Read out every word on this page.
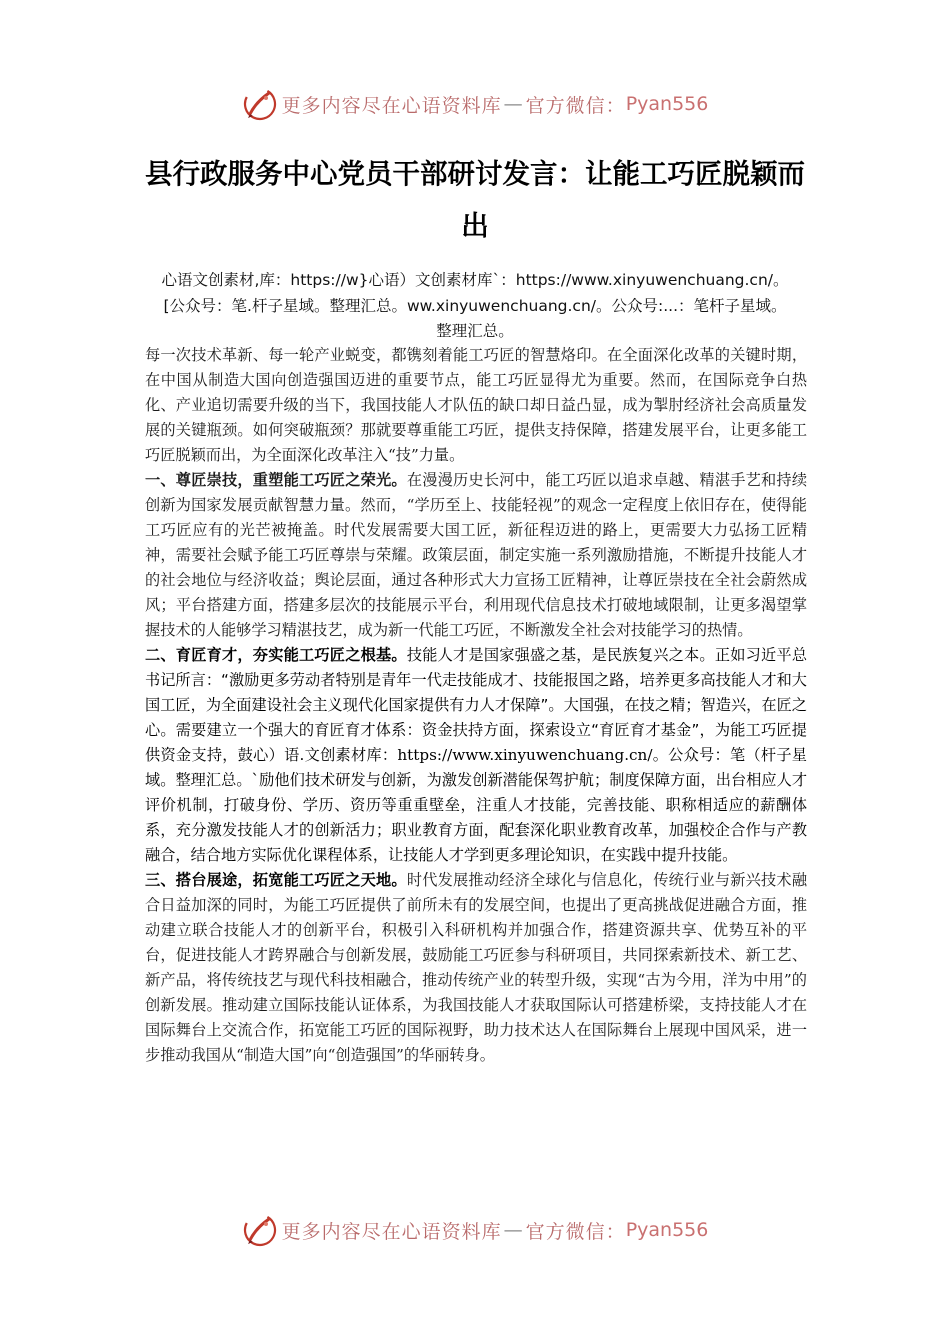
更多内容尽在心语资料库 — 官方微信： Pyan556
县行政服务中心党员干部研讨发言：让能工巧匠脱颖而出
心语文创素材,库：https://w}心语）文创素材库`：https://www.xinyuwenchuang.cn/。[公众号：笔.杆子星域。整理汇总。ww.xinyuwenchuang.cn/。公众号:...：笔杆子星域。整理汇总。

每一次技术革新、每一轮产业蜕变，都镌刻着能工巧匠的智慧烙印。在全面深化改革的关键时期，在中国从制造大国向创造强国迈进的重要节点，能工巧匠显得尤为重要。然而，在国际竞争白热化、产业追切需要升级的当下，我国技能人才队伍的缺口却日益凸显，成为掣肘经济社会高质量发展的关键瓶颈。如何突破瓶颈？那就要尊重能工巧匠，提供支持保障，搭建发展平台，让更多能工巧匠脱颖而出，为全面深化改革注入“技”力量。

一、尊匠崇技，重塑能工巧匠之荣光。在漫漫历史长河中，能工巧匠以追求卓越、精湛手艺和持续创新为国家发展贡献智慧力量。然而，“学历至上、技能轻视”的观念一定程度上依旧存在，使得能工巧匠应有的光芒被掩盖。时代发展需要大国工匠，新征程迈进的路上，更需要大力弘扬工匠精神，需要社会赋予能工巧匠尊崇与荣耀。政策层面，制定实施一系列激励措施，不断提升技能人才的社会地位与经济收益；舆论层面，通过各种形式大力宣扬工匠精神，让尊匠崇技在全社会蔚然成风；平台搭建方面，搭建多层次的技能展示平台，利用现代信息技术打破地域限制，让更多渴望掌握技术的人能够学习精湛技艺，成为新一代能工巧匠，不断激发全社会对技能学习的热情。

二、育匠育才，夯实能工巧匠之根基。技能人才是国家强盛之基，是民族复兴之本。正如习近平总书记所言：“激励更多劳动者特别是青年一代走技能成才、技能报国之路，培养更多高技能人才和大国工匠，为全面建设社会主义现代化国家提供有力人才保障”。大国强，在技之精；智造兴，在匠之心。需要建立一个强大的育匠育才体系：资金扶持方面，探索设立“育匠育才基金”，为能工巧匠提供资金支持，鼓心）语.文创素材库：https://www.xinyuwenchuang.cn/。公众号：笔（杆子星域。整理汇总。`励他们技术研发与创新，为激发创新潜能保驾护航；制度保障方面，出台相应人才评价机制，打破身份、学历、资历等重重壁垒，注重人才技能，完善技能、职称相适应的薪酬体系，充分激发技能人才的创新活力；职业教育方面，配套深化职业教育改革，加强校企合作与产教融合，结合地方实际优化课程体系，让技能人才学到更多理论知识，在实践中提升技能。

三、搭台展途，拓宽能工巧匠之天地。时代发展推动经济全球化与信息化，传统行业与新兴技术融合日益加深的同时，为能工巧匠提供了前所未有的发展空间，也提出了更高挑战促进融合方面，推动建立联合技能人才的创新平台，积极引入科研机构并加强合作，搭建资源共享、优势互补的平台，促进技能人才跨界融合与创新发展，鼓励能工巧匠参与科研项目，共同探索新技术、新工艺、新产品，将传统技艺与现代科技相融合，推动传统产业的转型升级，实现“古为今用，洋为中用”的创新发展。推动建立国际技能认证体系，为我国技能人才获取国际认可搭建桥梁，支持技能人才在国际舞台上交流合作，拓宽能工巧匠的国际视野，助力技术达人在国际舞台上展现中国风采，进一步推动我国从“制造大国”向“创造强国”的华丽转身。

更多内容尽在心语资料库 — 官方微信： Pyan556
